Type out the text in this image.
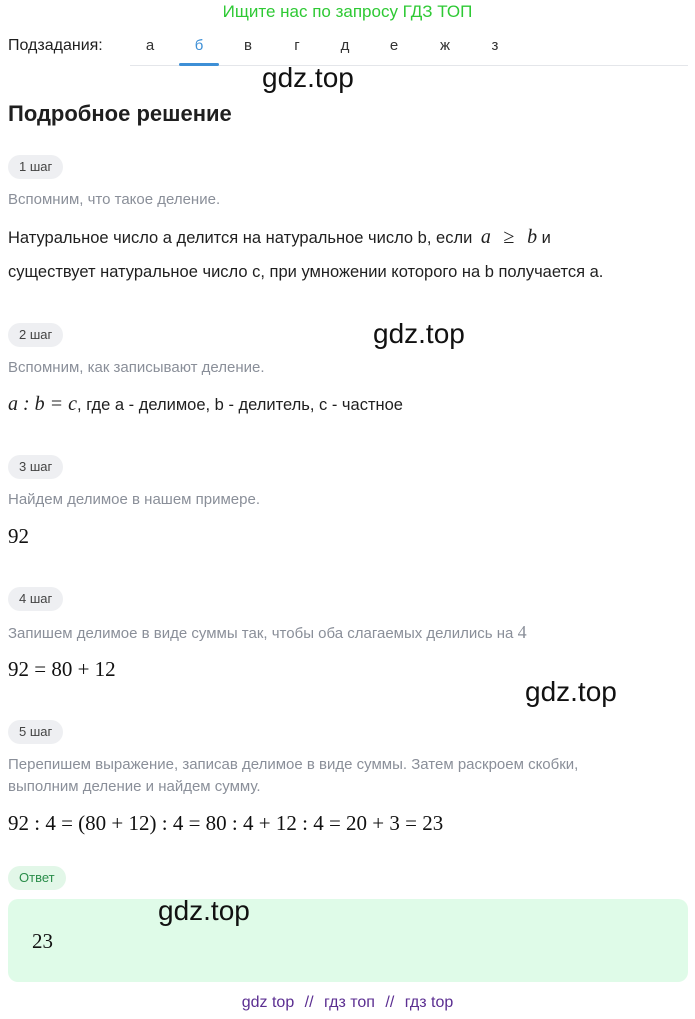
Ищите нас по запросу ГДЗ ТОП
Подзадания:	а	б	в	г	д	е	ж	з
gdz.top
Подробное решение
1 шаг
Вспомним, что такое деление.
Натуральное число a делится на натуральное число b, если a ≥ b и
существует натуральное число c, при умножении которого на b получается a.
gdz.top
2 шаг
Вспомним, как записывают деление.
a : b = c, где a - делимое, b - делитель, c - частное
3 шаг
Найдем делимое в нашем примере.
92
4 шаг
Запишем делимое в виде суммы так, чтобы оба слагаемых делились на 4
92 = 80 + 12
gdz.top
5 шаг
Перепишем выражение, записав делимое в виде суммы. Затем раскроем скобки,
выполним деление и найдем сумму.
92 : 4 = (80 + 12) : 4 = 80 : 4 + 12 : 4 = 20 + 3 = 23
Ответ
23
gdz.top
gdz top // гдз топ // гдз top
